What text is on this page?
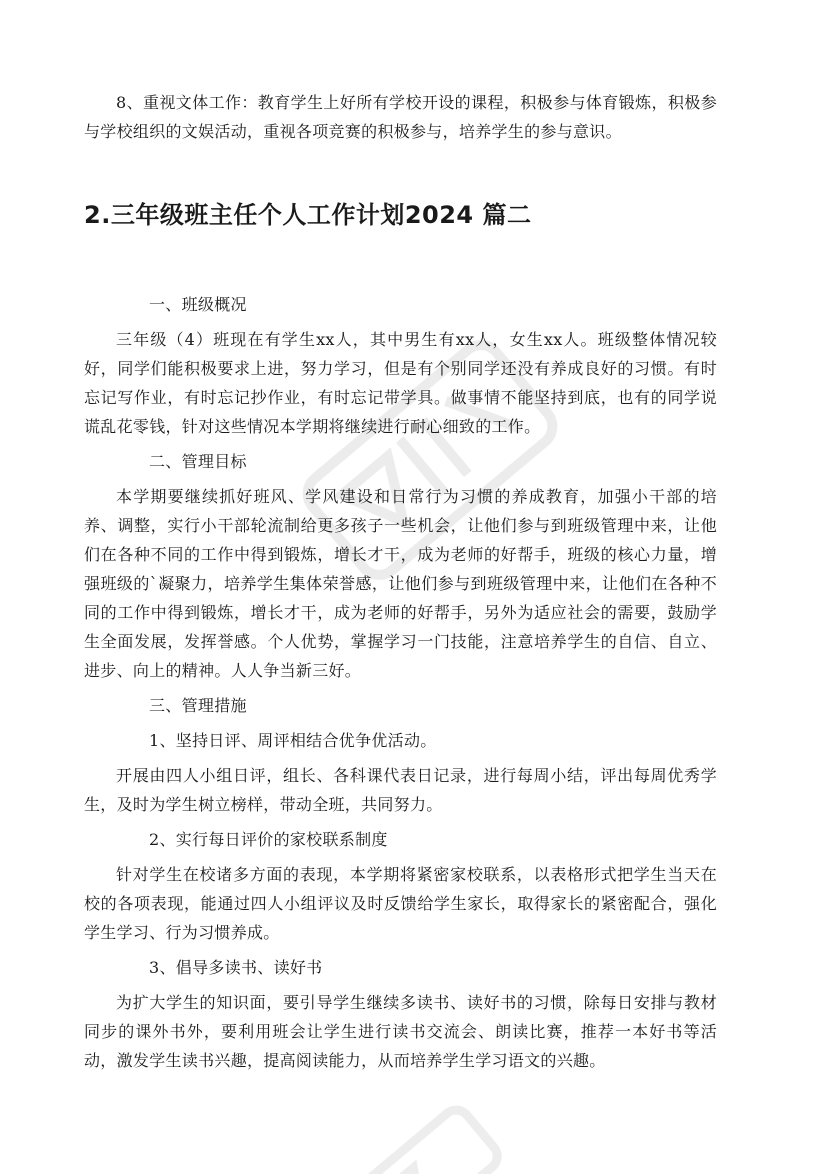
8、重视文体工作：教育学生上好所有学校开设的课程，积极参与体育锻炼，积极参与学校组织的文娱活动，重视各项竞赛的积极参与，培养学生的参与意识。

2.三年级班主任个人工作计划2024 篇二

一、班级概况

三年级（4）班现在有学生xx人，其中男生有xx人，女生xx人。班级整体情况较好，同学们能积极要求上进，努力学习，但是有个别同学还没有养成良好的习惯。有时忘记写作业，有时忘记抄作业，有时忘记带学具。做事情不能坚持到底，也有的同学说谎乱花零钱，针对这些情况本学期将继续进行耐心细致的工作。

二、管理目标

本学期要继续抓好班风、学风建设和日常行为习惯的养成教育，加强小干部的培养、调整，实行小干部轮流制给更多孩子一些机会，让他们参与到班级管理中来，让他们在各种不同的工作中得到锻炼，增长才干，成为老师的好帮手，班级的核心力量，增强班级的`凝聚力，培养学生集体荣誉感，让他们参与到班级管理中来，让他们在各种不同的工作中得到锻炼，增长才干，成为老师的好帮手，另外为适应社会的需要，鼓励学生全面发展，发挥誉感。个人优势，掌握学习一门技能，注意培养学生的自信、自立、进步、向上的精神。人人争当新三好。

三、管理措施

1、坚持日评、周评相结合优争优活动。

开展由四人小组日评，组长、各科课代表日记录，进行每周小结，评出每周优秀学生，及时为学生树立榜样，带动全班，共同努力。

2、实行每日评价的家校联系制度

针对学生在校诸多方面的表现，本学期将紧密家校联系，以表格形式把学生当天在校的各项表现，能通过四人小组评议及时反馈给学生家长，取得家长的紧密配合，强化学生学习、行为习惯养成。

3、倡导多读书、读好书

为扩大学生的知识面，要引导学生继续多读书、读好书的习惯，除每日安排与教材同步的课外书外，要利用班会让学生进行读书交流会、朗读比赛，推荐一本好书等活动，激发学生读书兴趣，提高阅读能力，从而培养学生学习语文的兴趣。
